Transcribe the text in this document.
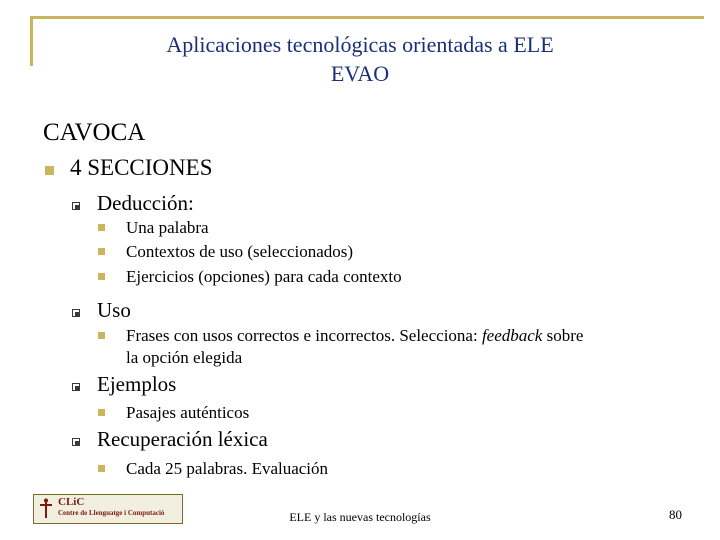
Aplicaciones tecnológicas orientadas a ELE
EVAO
CAVOCA
4 SECCIONES
Deducción:
Una palabra
Contextos de uso (seleccionados)
Ejercicios (opciones) para cada contexto
Uso
Frases con usos correctos e incorrectos. Selecciona: feedback sobre
la opción elegida
Ejemplos
Pasajes auténticos
Recuperación léxica
Cada 25 palabras. Evaluación
CLiC
Centre de Llenguatge i Computació	ELE y las nuevas tecnologías	80
